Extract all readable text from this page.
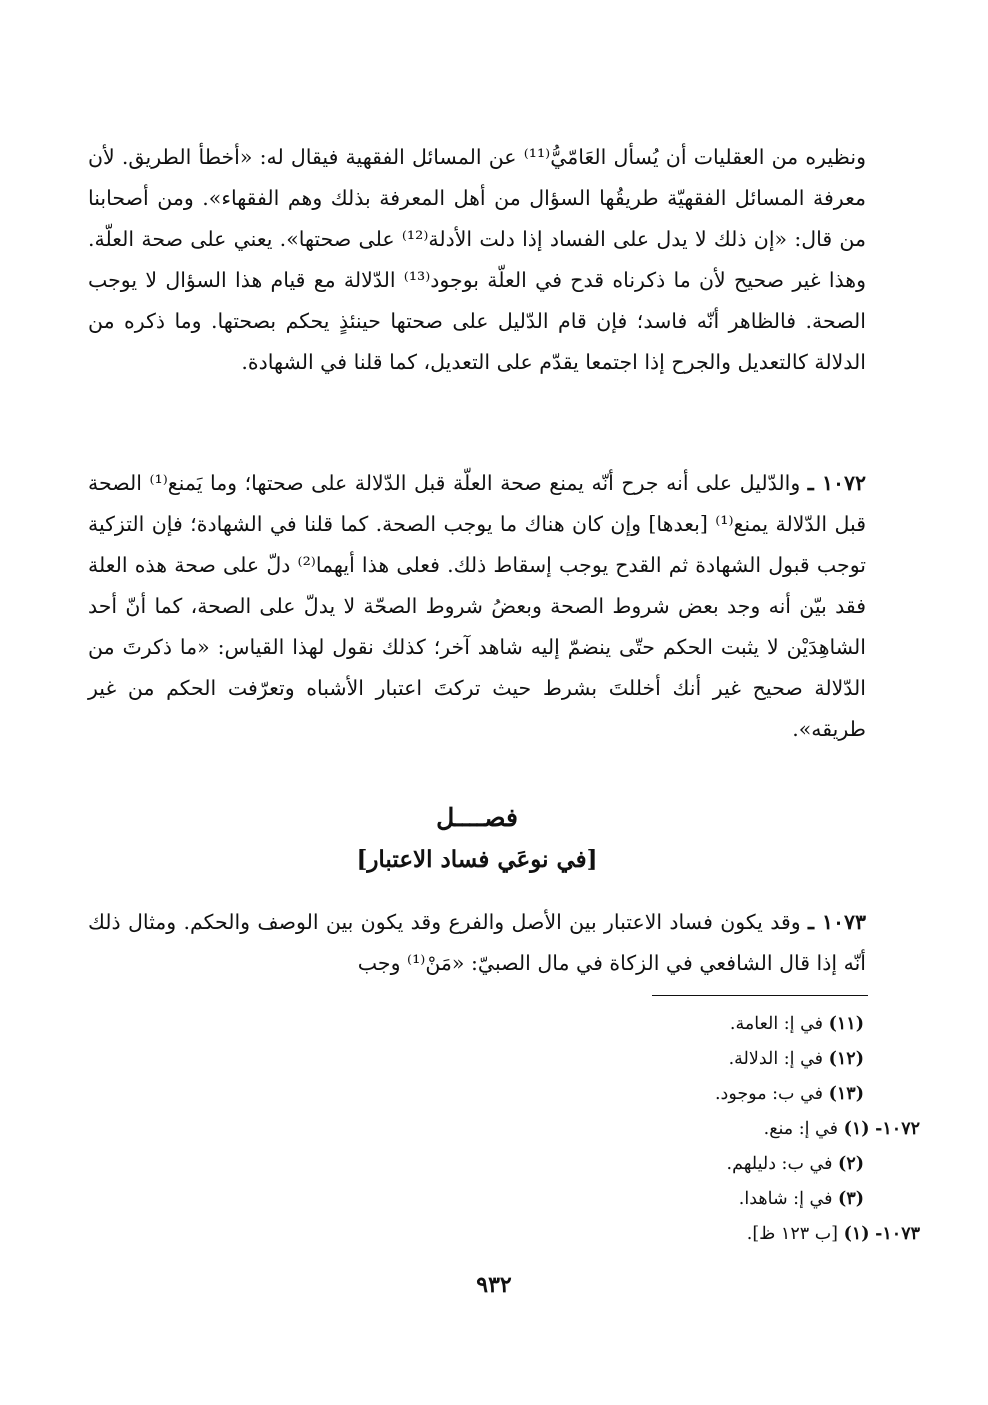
ونظيره من العقليات أن يُسأل العَامّيُّ⁽¹¹⁾ عن المسائل الفقهية فيقال له: «أخطأ الطريق. لأن معرفة المسائل الفقهيّة طريقُها السؤال من أهل المعرفة بذلك وهم الفقهاء». ومن أصحابنا من قال: «إن ذلك لا يدل على الفساد إذا دلت الأدلة⁽¹²⁾ على صحتها». يعني على صحة العلّة. وهذا غير صحيح لأن ما ذكرناه قدح في العلّة بوجود⁽¹³⁾ الدّلالة مع قيام هذا السؤال لا يوجب الصحة. فالظاهر أنّه فاسد؛ فإن قام الدّليل على صحتها حينئذٍ يحكم بصحتها. وما ذكره من الدلالة كالتعديل والجرح إذا اجتمعا يقدّم على التعديل، كما قلنا في الشهادة.

١٠٧٢ ـ والدّليل على أنه جرح أنّه يمنع صحة العلّة قبل الدّلالة على صحتها؛ وما يَمنع⁽¹⁾ الصحة قبل الدّلالة يمنع⁽¹⁾ [بعدها] وإن كان هناك ما يوجب الصحة. كما قلنا في الشهادة؛ فإن التزكية توجب قبول الشهادة ثم القدح يوجب إسقاط ذلك. فعلى هذا أيهما⁽²⁾ دلّ على صحة هذه العلة فقد بيّن أنه وجد بعض شروط الصحة وبعضُ شروط الصحّة لا يدلّ على الصحة، كما أنّ أحد الشاهِدَيْن لا يثبت الحكم حتّى ينضمّ إليه شاهد آخر؛ كذلك نقول لهذا القياس: «ما ذكرتَ من الدّلالة صحيح غير أنك أخللتَ بشرط حيث تركتَ اعتبار الأشباه وتعرّفت الحكم من غير طريقه».

فصــــل
[في نوعَي فساد الاعتبار]

١٠٧٣ ـ وقد يكون فساد الاعتبار بين الأصل والفرع وقد يكون بين الوصف والحكم. ومثال ذلك أنّه إذا قال الشافعي في الزكاة في مال الصبيّ: «مَنْ⁽¹⁾ وجب

(١١) في إ: العامة.
(١٢) في إ: الدلالة.
(١٣) في ب: موجود.
١٠٧٢- (١) في إ: منع.
(٢) في ب: دليلهم.
(٣) في إ: شاهدا.
١٠٧٣- (١) [ب ١٢٣ ظ].
٩٣٢
